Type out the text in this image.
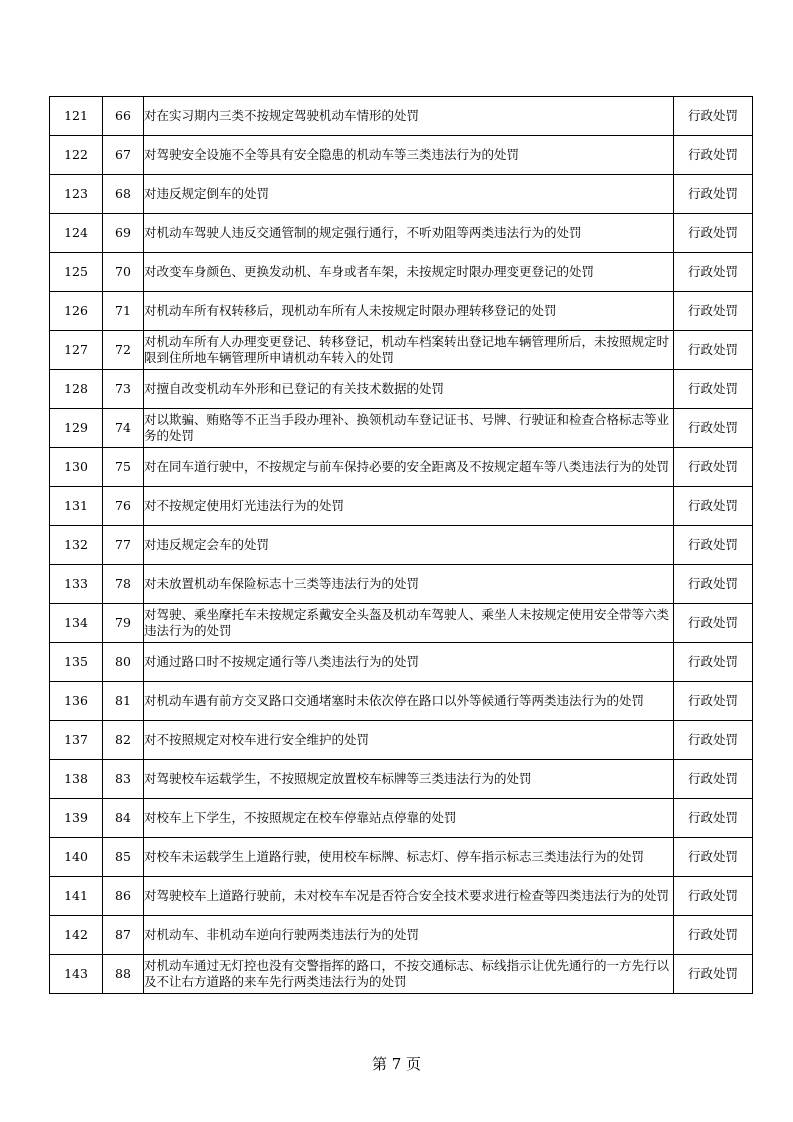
121	66	对在实习期内三类不按规定驾驶机动车情形的处罚	行政处罚
122	67	对驾驶安全设施不全等具有安全隐患的机动车等三类违法行为的处罚	行政处罚
123	68	对违反规定倒车的处罚	行政处罚
124	69	对机动车驾驶人违反交通管制的规定强行通行，不听劝阻等两类违法行为的处罚	行政处罚
125	70	对改变车身颜色、更换发动机、车身或者车架，未按规定时限办理变更登记的处罚	行政处罚
126	71	对机动车所有权转移后，现机动车所有人未按规定时限办理转移登记的处罚	行政处罚
127	72	对机动车所有人办理变更登记、转移登记，机动车档案转出登记地车辆管理所后，未按照规定时限到住所地车辆管理所申请机动车转入的处罚	行政处罚
128	73	对擅自改变机动车外形和已登记的有关技术数据的处罚	行政处罚
129	74	对以欺骗、贿赂等不正当手段办理补、换领机动车登记证书、号牌、行驶证和检查合格标志等业务的处罚	行政处罚
130	75	对在同车道行驶中，不按规定与前车保持必要的安全距离及不按规定超车等八类违法行为的处罚	行政处罚
131	76	对不按规定使用灯光违法行为的处罚	行政处罚
132	77	对违反规定会车的处罚	行政处罚
133	78	对未放置机动车保险标志十三类等违法行为的处罚	行政处罚
134	79	对驾驶、乘坐摩托车未按规定系戴安全头盔及机动车驾驶人、乘坐人未按规定使用安全带等六类违法行为的处罚	行政处罚
135	80	对通过路口时不按规定通行等八类违法行为的处罚	行政处罚
136	81	对机动车遇有前方交叉路口交通堵塞时未依次停在路口以外等候通行等两类违法行为的处罚	行政处罚
137	82	对不按照规定对校车进行安全维护的处罚	行政处罚
138	83	对驾驶校车运载学生，不按照规定放置校车标牌等三类违法行为的处罚	行政处罚
139	84	对校车上下学生，不按照规定在校车停靠站点停靠的处罚	行政处罚
140	85	对校车未运载学生上道路行驶，使用校车标牌、标志灯、停车指示标志三类违法行为的处罚	行政处罚
141	86	对驾驶校车上道路行驶前，未对校车车况是否符合安全技术要求进行检查等四类违法行为的处罚	行政处罚
142	87	对机动车、非机动车逆向行驶两类违法行为的处罚	行政处罚
143	88	对机动车通过无灯控也没有交警指挥的路口，不按交通标志、标线指示让优先通行的一方先行以及不让右方道路的来车先行两类违法行为的处罚	行政处罚
第 7 页
